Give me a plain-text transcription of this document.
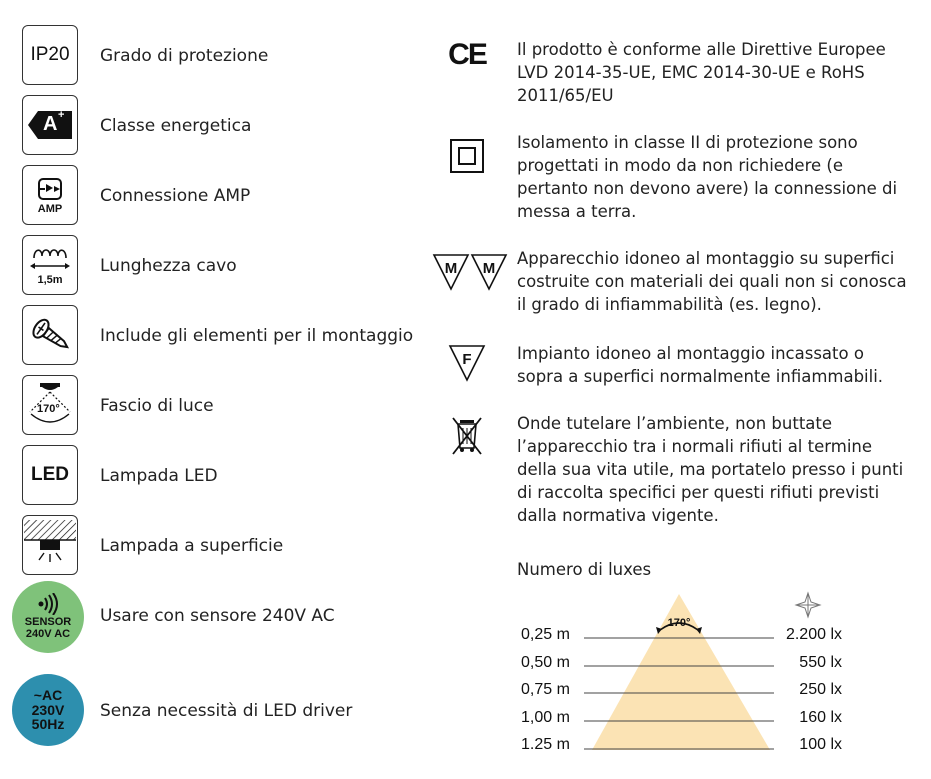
IP20 Grado di protezione
A +
Classe energetica
AMP
Connessione AMP
1,5m
Lunghezza cavo
Include gli elementi per il montaggio
170° Fascio di luce
LED Lampada LED
Lampada a superficie
SENSOR
240V AC
Usare con sensore 240V AC
~AC
230V
50Hz
Senza necessità di LED driver
CE Il prodotto è conforme alle Direttive Europee
LVD 2014-35-UE, EMC 2014-30-UE e RoHS
2011/65/EU
Isolamento in classe II di protezione sono
progettati in modo da non richiedere (e
pertanto non devono avere) la connessione di
messa a terra.
M M
Apparecchio idoneo al montaggio su superfici
costruite con materiali dei quali non si conosca
il grado di infiammabilità (es. legno).
F	Impianto idoneo al montaggio incassato o
sopra a superfici normalmente infiammabili.
Onde tutelare l’ambiente, non buttate
l’apparecchio tra i normali rifiuti al termine
della sua vita utile, ma portatelo presso i punti
di raccolta specifici per questi rifiuti previsti
dalla normativa vigente.
Numero di luxes
170°
0,25 m
0,50 m
0,75 m
1,00 m
1.25 m
2.200 lx
550 lx
250 lx
160 lx
100 lx
